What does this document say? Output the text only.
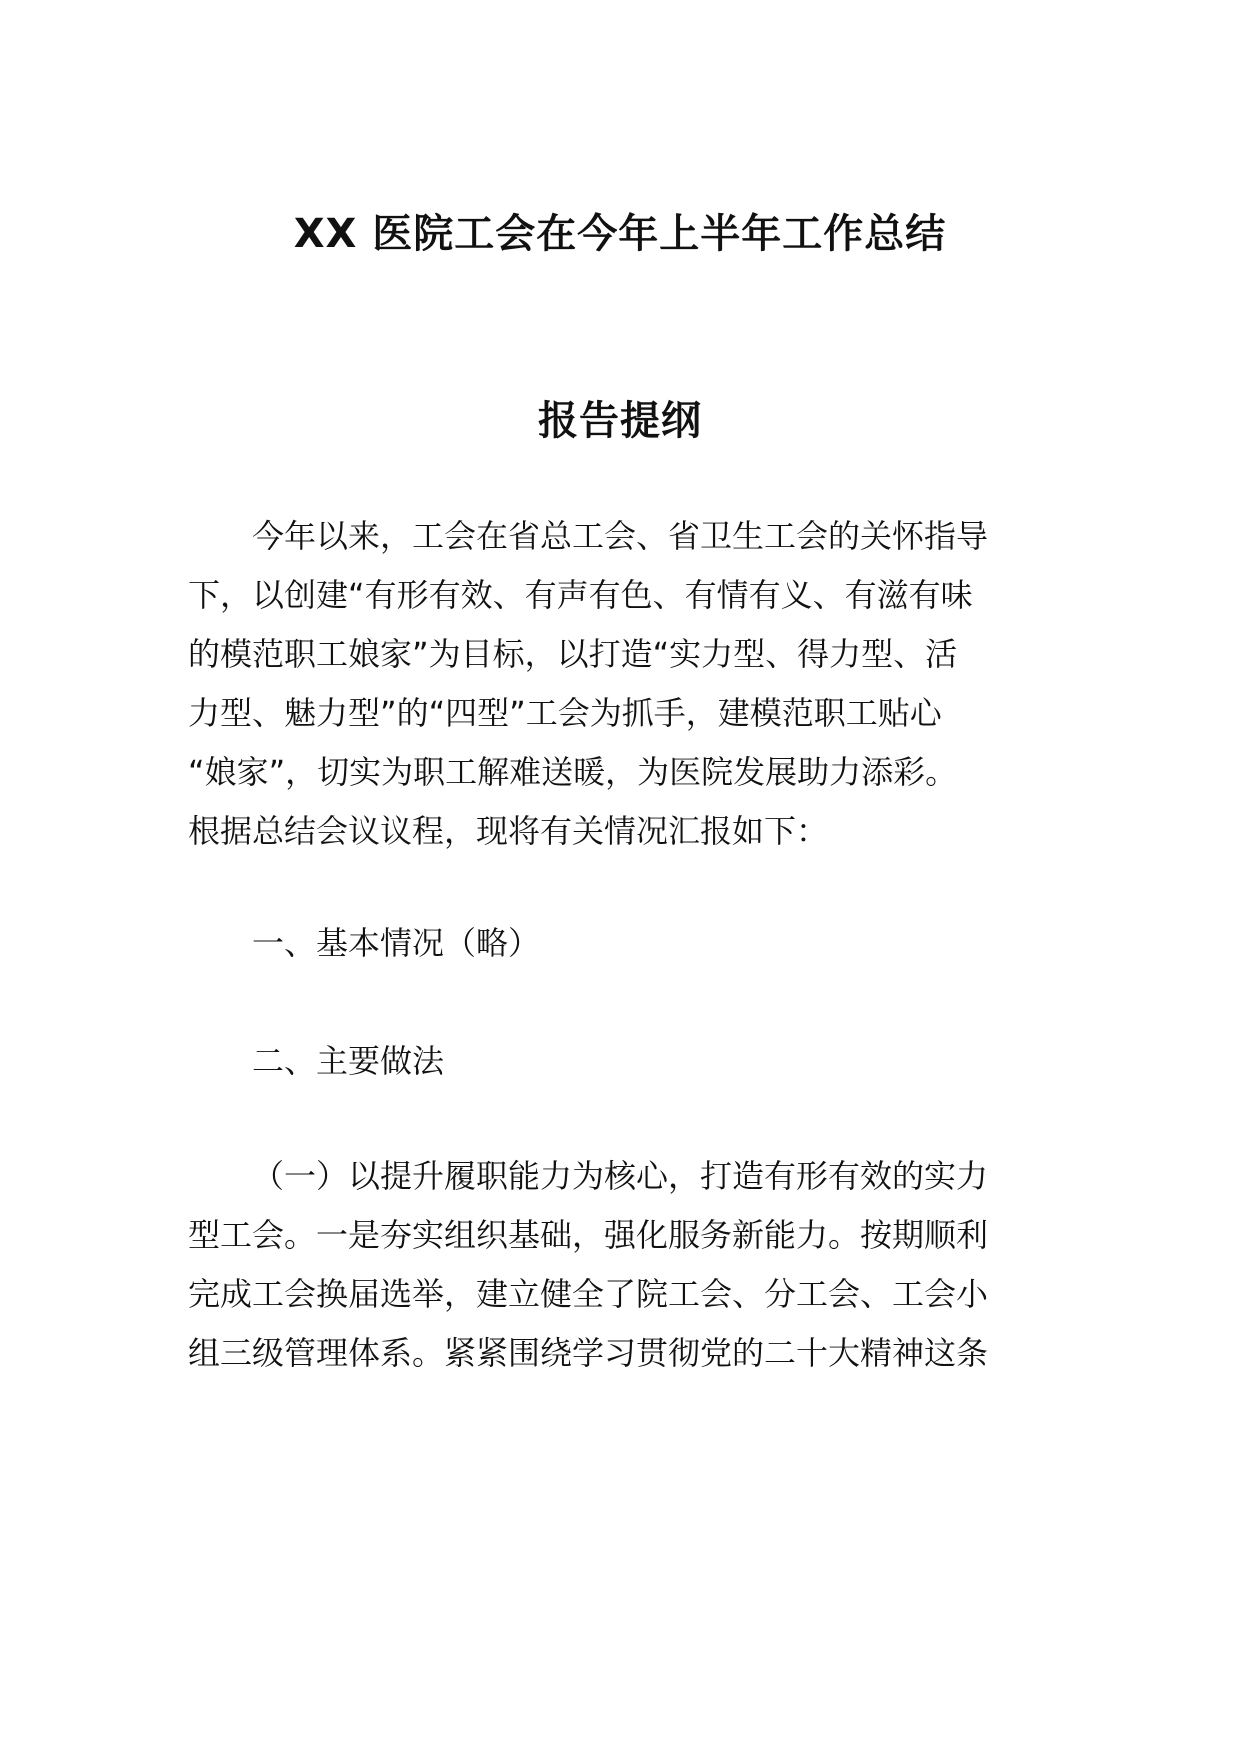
XX 医院工会在今年上半年工作总结
报告提纲
今年以来，工会在省总工会、省卫生工会的关怀指导
下，以创建“有形有效、有声有色、有情有义、有滋有味
的模范职工娘家”为目标，以打造“实力型、得力型、活
力型、魅力型”的“四型”工会为抓手，建模范职工贴心
“娘家”，切实为职工解难送暖，为医院发展助力添彩。
根据总结会议议程，现将有关情况汇报如下：
一、基本情况（略）
二、主要做法
（一）以提升履职能力为核心，打造有形有效的实力
型工会。一是夯实组织基础，强化服务新能力。按期顺利
完成工会换届选举，建立健全了院工会、分工会、工会小
组三级管理体系。紧紧围绕学习贯彻党的二十大精神这条
